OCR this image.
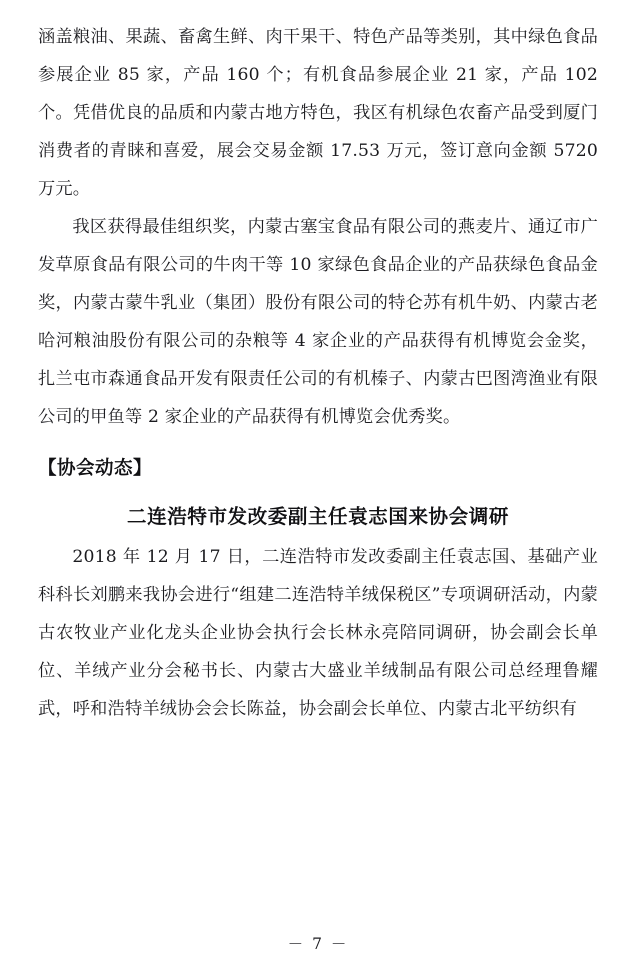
涵盖粮油、果蔬、畜禽生鲜、肉干果干、特色产品等类别，其中绿色食品参展企业 85 家，产品 160 个；有机食品参展企业 21 家，产品 102 个。凭借优良的品质和内蒙古地方特色，我区有机绿色农畜产品受到厦门消费者的青睐和喜爱，展会交易金额 17.53 万元，签订意向金额 5720 万元。

我区获得最佳组织奖，内蒙古塞宝食品有限公司的燕麦片、通辽市广发草原食品有限公司的牛肉干等 10 家绿色食品企业的产品获绿色食品金奖，内蒙古蒙牛乳业（集团）股份有限公司的特仑苏有机牛奶、内蒙古老哈河粮油股份有限公司的杂粮等 4 家企业的产品获得有机博览会金奖，扎兰屯市森通食品开发有限责任公司的有机榛子、内蒙古巴图湾渔业有限公司的甲鱼等 2 家企业的产品获得有机博览会优秀奖。

【协会动态】
二连浩特市发改委副主任袁志国来协会调研

2018 年 12 月 17 日，二连浩特市发改委副主任袁志国、基础产业科科长刘鹏来我协会进行“组建二连浩特羊绒保税区”专项调研活动，内蒙古农牧业产业化龙头企业协会执行会长林永亮陪同调研，协会副会长单位、羊绒产业分会秘书长、内蒙古大盛业羊绒制品有限公司总经理鲁耀武，呼和浩特羊绒协会会长陈益，协会副会长单位、内蒙古北平纺织有

－ 7 －
